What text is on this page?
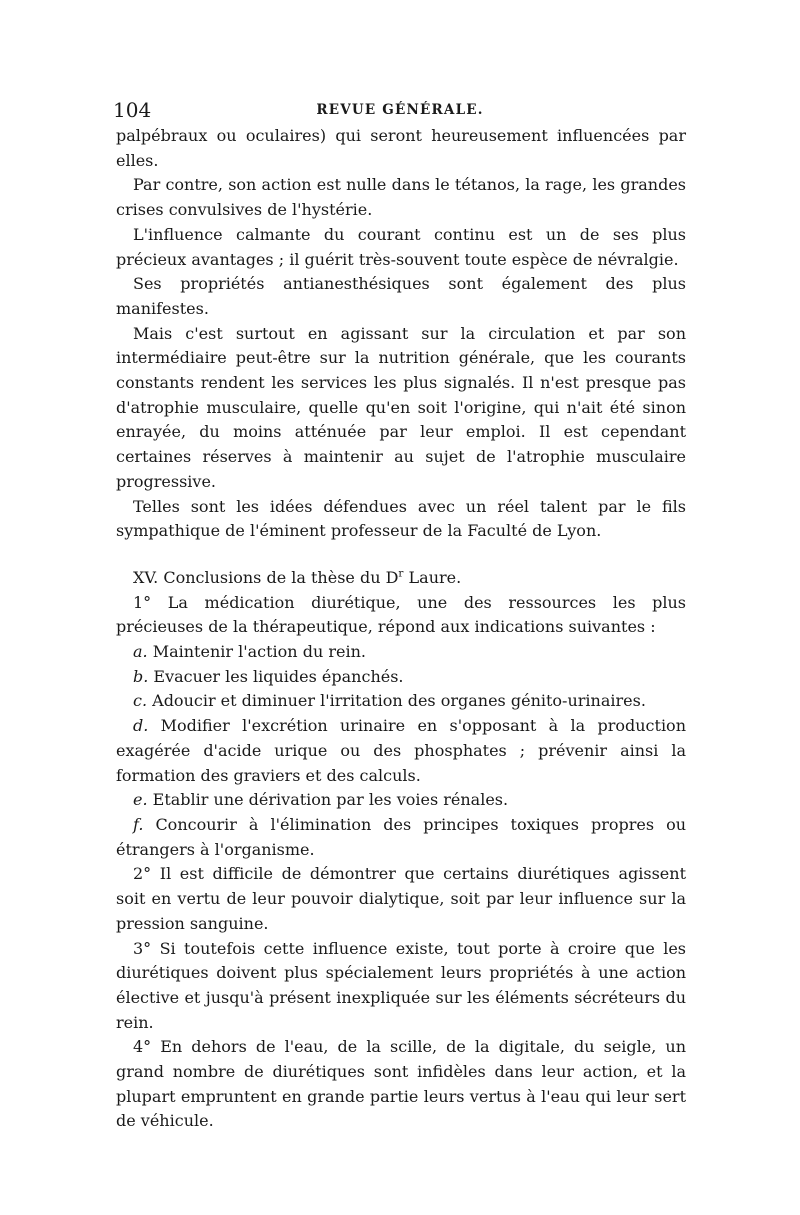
104	REVUE GÉNÉRALE.

palpébraux ou oculaires) qui seront heureusement influencées par elles.

Par contre, son action est nulle dans le tétanos, la rage, les grandes crises convulsives de l'hystérie.

L'influence calmante du courant continu est un de ses plus précieux avantages ; il guérit très-souvent toute espèce de névralgie.

Ses propriétés antianesthésiques sont également des plus manifestes.

Mais c'est surtout en agissant sur la circulation et par son intermédiaire peut-être sur la nutrition générale, que les courants constants rendent les services les plus signalés. Il n'est presque pas d'atrophie musculaire, quelle qu'en soit l'origine, qui n'ait été sinon enrayée, du moins atténuée par leur emploi. Il est cependant certaines réserves à maintenir au sujet de l'atrophie musculaire progressive.

Telles sont les idées défendues avec un réel talent par le fils sympathique de l'éminent professeur de la Faculté de Lyon.

XV. Conclusions de la thèse du $D^r$ Laure.

1° La médication diurétique, une des ressources les plus précieuses de la thérapeutique, répond aux indications suivantes :

a. Maintenir l'action du rein.

b. Evacuer les liquides épanchés.

c. Adoucir et diminuer l'irritation des organes génito-urinaires.

d. Modifier l'excrétion urinaire en s'opposant à la production exagérée d'acide urique ou des phosphates ; prévenir ainsi la formation des graviers et des calculs.

e. Etablir une dérivation par les voies rénales.

f. Concourir à l'élimination des principes toxiques propres ou étrangers à l'organisme.

2° Il est difficile de démontrer que certains diurétiques agissent soit en vertu de leur pouvoir dialytique, soit par leur influence sur la pression sanguine.

3° Si toutefois cette influence existe, tout porte à croire que les diurétiques doivent plus spécialement leurs propriétés à une action élective et jusqu'à présent inexpliquée sur les éléments sécréteurs du rein.

4° En dehors de l'eau, de la scille, de la digitale, du seigle, un grand nombre de diurétiques sont infidèles dans leur action, et la plupart empruntent en grande partie leurs vertus à l'eau qui leur sert de véhicule.
